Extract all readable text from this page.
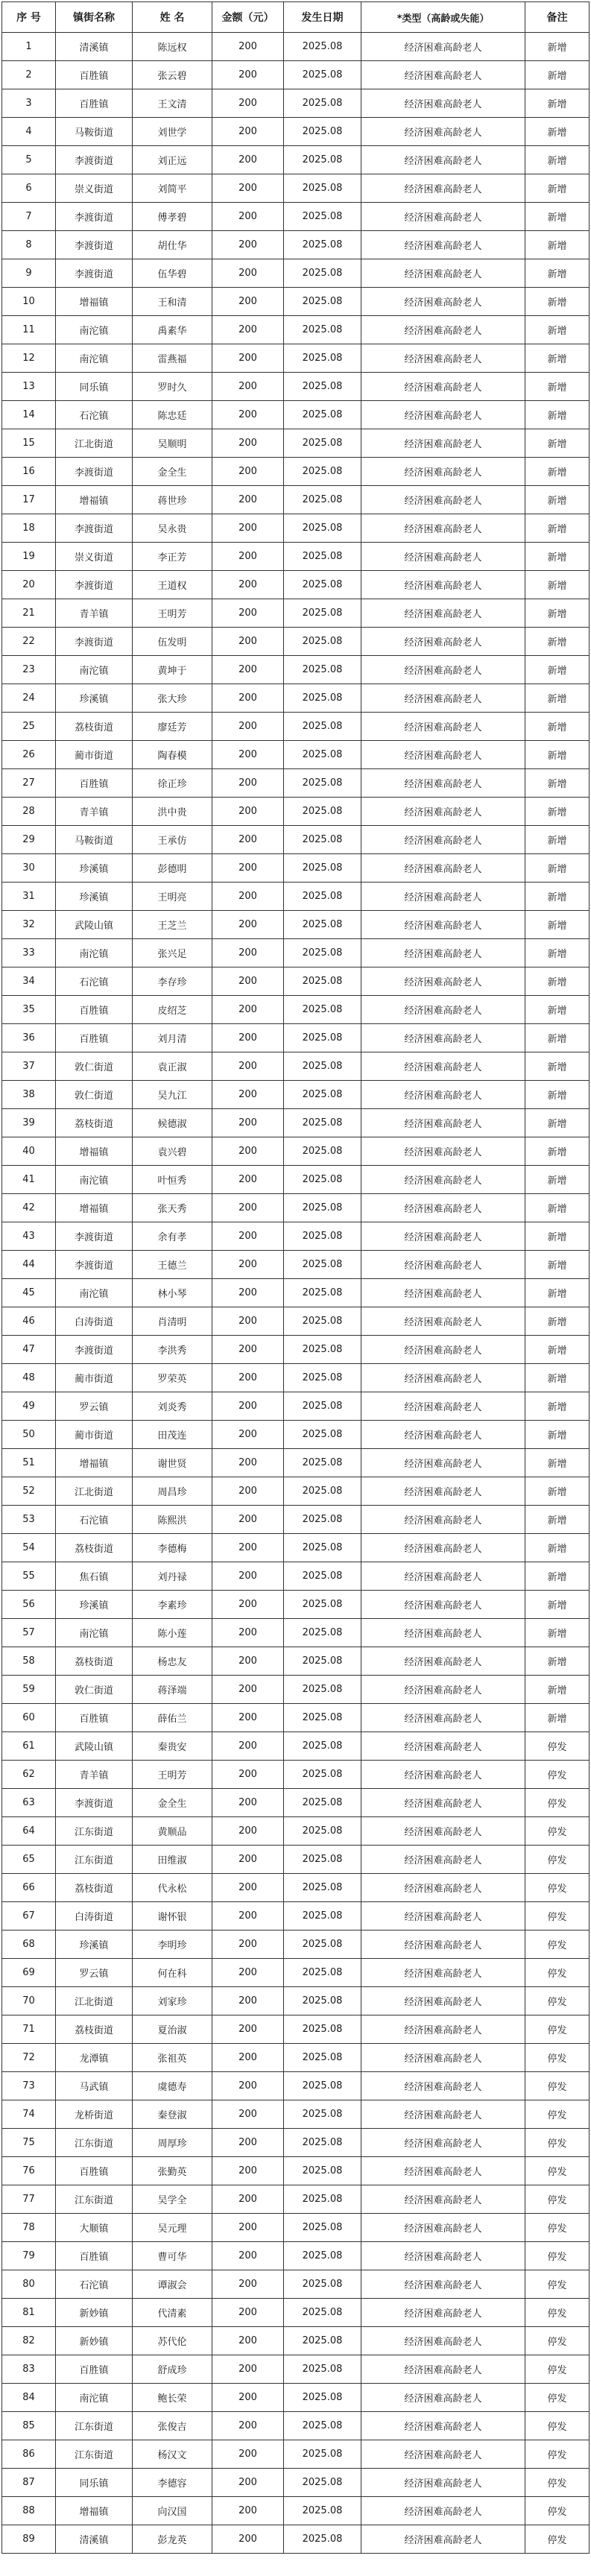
序 号	镇街名称	姓 名	金额（元）	发生日期	*类型（高龄或失能）	备注
1	清溪镇	陈远权	200	2025.08	经济困难高龄老人	新增
2	百胜镇	张云碧	200	2025.08	经济困难高龄老人	新增
3	百胜镇	王文清	200	2025.08	经济困难高龄老人	新增
4	马鞍街道	刘世学	200	2025.08	经济困难高龄老人	新增
5	李渡街道	刘正远	200	2025.08	经济困难高龄老人	新增
6	崇义街道	刘简平	200	2025.08	经济困难高龄老人	新增
7	李渡街道	傅孝碧	200	2025.08	经济困难高龄老人	新增
8	李渡街道	胡仕华	200	2025.08	经济困难高龄老人	新增
9	李渡街道	伍华碧	200	2025.08	经济困难高龄老人	新增
10	增福镇	王和清	200	2025.08	经济困难高龄老人	新增
11	南沱镇	禹素华	200	2025.08	经济困难高龄老人	新增
12	南沱镇	雷燕福	200	2025.08	经济困难高龄老人	新增
13	同乐镇	罗时久	200	2025.08	经济困难高龄老人	新增
14	石沱镇	陈忠廷	200	2025.08	经济困难高龄老人	新增
15	江北街道	吴顺明	200	2025.08	经济困难高龄老人	新增
16	李渡街道	金全生	200	2025.08	经济困难高龄老人	新增
17	增福镇	蒋世珍	200	2025.08	经济困难高龄老人	新增
18	李渡街道	吴永贵	200	2025.08	经济困难高龄老人	新增
19	崇义街道	李正芳	200	2025.08	经济困难高龄老人	新增
20	李渡街道	王道权	200	2025.08	经济困难高龄老人	新增
21	青羊镇	王明芳	200	2025.08	经济困难高龄老人	新增
22	李渡街道	伍发明	200	2025.08	经济困难高龄老人	新增
23	南沱镇	黄坤于	200	2025.08	经济困难高龄老人	新增
24	珍溪镇	张大珍	200	2025.08	经济困难高龄老人	新增
25	荔枝街道	廖廷芳	200	2025.08	经济困难高龄老人	新增
26	蔺市街道	陶春模	200	2025.08	经济困难高龄老人	新增
27	百胜镇	徐正珍	200	2025.08	经济困难高龄老人	新增
28	青羊镇	洪中贵	200	2025.08	经济困难高龄老人	新增
29	马鞍街道	王承仿	200	2025.08	经济困难高龄老人	新增
30	珍溪镇	彭德明	200	2025.08	经济困难高龄老人	新增
31	珍溪镇	王明亮	200	2025.08	经济困难高龄老人	新增
32	武陵山镇	王芝兰	200	2025.08	经济困难高龄老人	新增
33	南沱镇	张兴足	200	2025.08	经济困难高龄老人	新增
34	石沱镇	李存珍	200	2025.08	经济困难高龄老人	新增
35	百胜镇	皮绍芝	200	2025.08	经济困难高龄老人	新增
36	百胜镇	刘月清	200	2025.08	经济困难高龄老人	新增
37	敦仁街道	袁正淑	200	2025.08	经济困难高龄老人	新增
38	敦仁街道	吴九江	200	2025.08	经济困难高龄老人	新增
39	荔枝街道	候德淑	200	2025.08	经济困难高龄老人	新增
40	增福镇	袁兴碧	200	2025.08	经济困难高龄老人	新增
41	南沱镇	叶恒秀	200	2025.08	经济困难高龄老人	新增
42	增福镇	张天秀	200	2025.08	经济困难高龄老人	新增
43	李渡街道	余有孝	200	2025.08	经济困难高龄老人	新增
44	李渡街道	王德兰	200	2025.08	经济困难高龄老人	新增
45	南沱镇	林小琴	200	2025.08	经济困难高龄老人	新增
46	白涛街道	肖清明	200	2025.08	经济困难高龄老人	新增
47	李渡街道	李洪秀	200	2025.08	经济困难高龄老人	新增
48	蔺市街道	罗荣英	200	2025.08	经济困难高龄老人	新增
49	罗云镇	刘炎秀	200	2025.08	经济困难高龄老人	新增
50	蔺市街道	田茂连	200	2025.08	经济困难高龄老人	新增
51	增福镇	谢世贤	200	2025.08	经济困难高龄老人	新增
52	江北街道	周昌珍	200	2025.08	经济困难高龄老人	新增
53	石沱镇	陈熙洪	200	2025.08	经济困难高龄老人	新增
54	荔枝街道	李德梅	200	2025.08	经济困难高龄老人	新增
55	焦石镇	刘丹禄	200	2025.08	经济困难高龄老人	新增
56	珍溪镇	李素珍	200	2025.08	经济困难高龄老人	新增
57	南沱镇	陈小莲	200	2025.08	经济困难高龄老人	新增
58	荔枝街道	杨忠友	200	2025.08	经济困难高龄老人	新增
59	敦仁街道	蒋泽端	200	2025.08	经济困难高龄老人	新增
60	百胜镇	薛佑兰	200	2025.08	经济困难高龄老人	新增
61	武陵山镇	秦贵安	200	2025.08	经济困难高龄老人	停发
62	青羊镇	王明芳	200	2025.08	经济困难高龄老人	停发
63	李渡街道	金全生	200	2025.08	经济困难高龄老人	停发
64	江东街道	黄顺品	200	2025.08	经济困难高龄老人	停发
65	江东街道	田维淑	200	2025.08	经济困难高龄老人	停发
66	荔枝街道	代永松	200	2025.08	经济困难高龄老人	停发
67	白涛街道	谢怀银	200	2025.08	经济困难高龄老人	停发
68	珍溪镇	李明珍	200	2025.08	经济困难高龄老人	停发
69	罗云镇	何在科	200	2025.08	经济困难高龄老人	停发
70	江北街道	刘家珍	200	2025.08	经济困难高龄老人	停发
71	荔枝街道	夏治淑	200	2025.08	经济困难高龄老人	停发
72	龙潭镇	张祖英	200	2025.08	经济困难高龄老人	停发
73	马武镇	虞德寿	200	2025.08	经济困难高龄老人	停发
74	龙桥街道	秦登淑	200	2025.08	经济困难高龄老人	停发
75	江东街道	周厚珍	200	2025.08	经济困难高龄老人	停发
76	百胜镇	张勤英	200	2025.08	经济困难高龄老人	停发
77	江东街道	吴学全	200	2025.08	经济困难高龄老人	停发
78	大顺镇	吴元理	200	2025.08	经济困难高龄老人	停发
79	百胜镇	曹可华	200	2025.08	经济困难高龄老人	停发
80	石沱镇	谭淑会	200	2025.08	经济困难高龄老人	停发
81	新妙镇	代清素	200	2025.08	经济困难高龄老人	停发
82	新妙镇	苏代伦	200	2025.08	经济困难高龄老人	停发
83	百胜镇	舒成珍	200	2025.08	经济困难高龄老人	停发
84	南沱镇	鲍长荣	200	2025.08	经济困难高龄老人	停发
85	江东街道	张俊吉	200	2025.08	经济困难高龄老人	停发
86	江东街道	杨汉文	200	2025.08	经济困难高龄老人	停发
87	同乐镇	李德容	200	2025.08	经济困难高龄老人	停发
88	增福镇	向汉国	200	2025.08	经济困难高龄老人	停发
89	清溪镇	彭龙英	200	2025.08	经济困难高龄老人	停发
